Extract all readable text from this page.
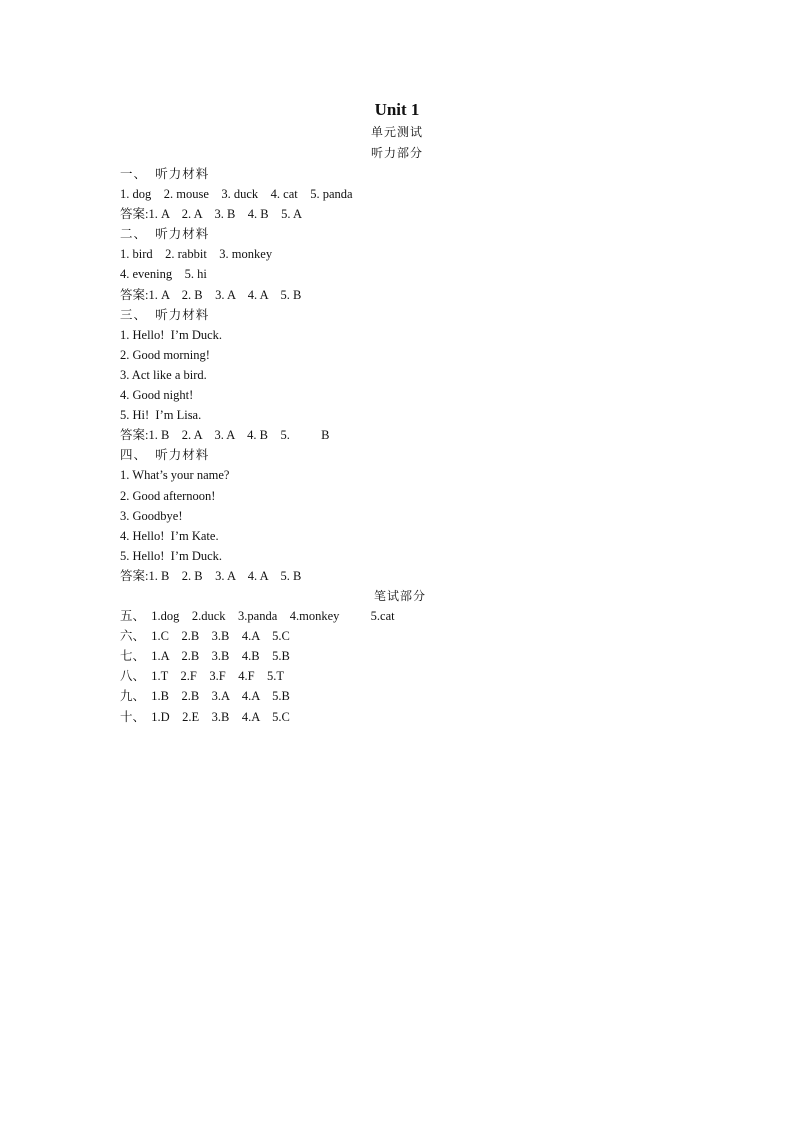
Unit 1
单元测试
听力部分
一、  听力材料
1. dog    2. mouse    3. duck    4. cat    5. panda
答案:1. A    2. A    3. B    4. B    5. A
二、  听力材料
1. bird    2. rabbit    3. monkey
4. evening    5. hi
答案:1. A    2. B    3. A    4. A    5. B
三、  听力材料
1. Hello!  I’m Duck.
2. Good morning!
3. Act like a bird.
4. Good night!
5. Hi!  I’m Lisa.
答案:1. B    2. A    3. A    4. B    5.          B
四、  听力材料
1. What’s your name?
2. Good afternoon!
3. Goodbye!
4. Hello!  I’m Kate.
5. Hello!  I’m Duck.
答案:1. B    2. B    3. A    4. A    5. B
笔试部分
五、  1.dog    2.duck    3.panda    4.monkey          5.cat
六、  1.C    2.B    3.B    4.A    5.C
七、  1.A    2.B    3.B    4.B    5.B
八、  1.T    2.F    3.F    4.F    5.T
九、  1.B    2.B    3.A    4.A    5.B
十、  1.D    2.E    3.B    4.A    5.C
